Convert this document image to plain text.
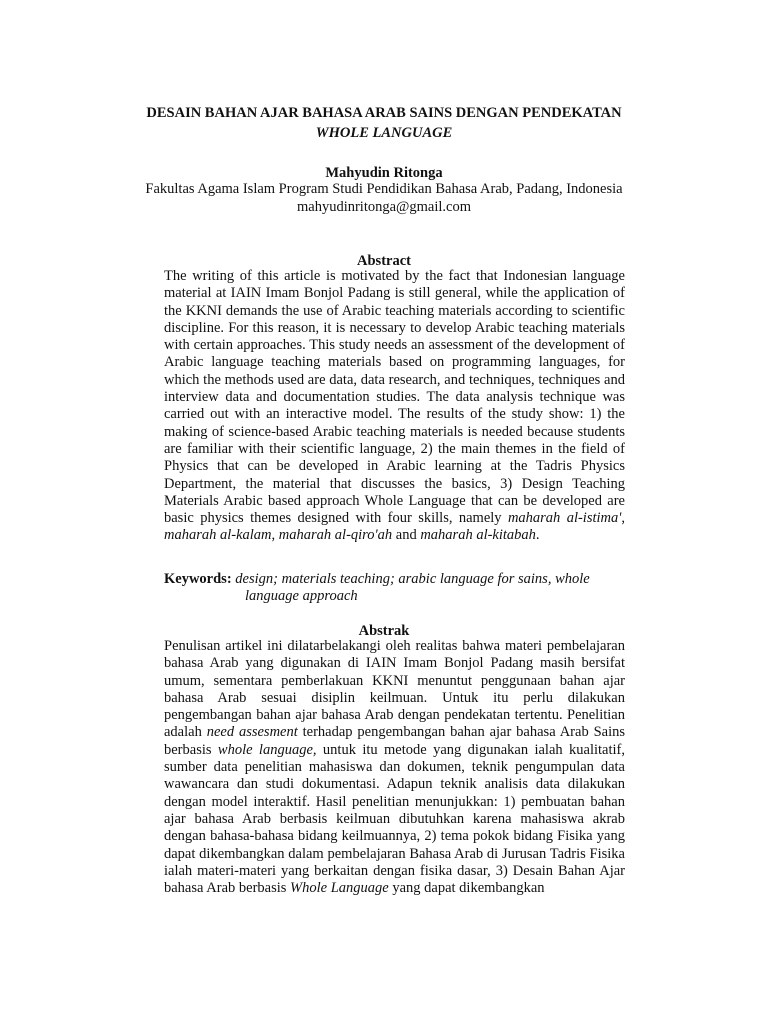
DESAIN BAHAN AJAR BAHASA ARAB SAINS DENGAN PENDEKATAN
WHOLE LANGUAGE
Mahyudin Ritonga
Fakultas Agama Islam Program Studi Pendidikan Bahasa Arab, Padang, Indonesia
mahyudinritonga@gmail.com
Abstract
The writing of this article is motivated by the fact that Indonesian language material at IAIN Imam Bonjol Padang is still general, while the application of the KKNI demands the use of Arabic teaching materials according to scientific discipline. For this reason, it is necessary to develop Arabic teaching materials with certain approaches. This study needs an assessment of the development of Arabic language teaching materials based on programming languages, for which the methods used are data, data research, and techniques, techniques and interview data and documentation studies. The data analysis technique was carried out with an interactive model. The results of the study show: 1) the making of science-based Arabic teaching materials is needed because students are familiar with their scientific language, 2) the main themes in the field of Physics that can be developed in Arabic learning at the Tadris Physics Department, the material that discusses the basics, 3) Design Teaching Materials Arabic based approach Whole Language that can be developed are basic physics themes designed with four skills, namely maharah al-istima', maharah al-kalam, maharah al-qiro'ah and maharah al-kitabah.
Keywords: design; materials teaching; arabic language for sains, whole
language approach
Abstrak
Penulisan artikel ini dilatarbelakangi oleh realitas bahwa materi pembelajaran bahasa Arab yang digunakan di IAIN Imam Bonjol Padang masih bersifat umum, sementara pemberlakuan KKNI menuntut penggunaan bahan ajar bahasa Arab sesuai disiplin keilmuan. Untuk itu perlu dilakukan pengembangan bahan ajar bahasa Arab dengan pendekatan tertentu. Penelitian adalah need assesment terhadap pengembangan bahan ajar bahasa Arab Sains berbasis whole language, untuk itu metode yang digunakan ialah kualitatif, sumber data penelitian mahasiswa dan dokumen, teknik pengumpulan data wawancara dan studi dokumentasi. Adapun teknik analisis data dilakukan dengan model interaktif. Hasil penelitian menunjukkan: 1) pembuatan bahan ajar bahasa Arab berbasis keilmuan dibutuhkan karena mahasiswa akrab dengan bahasa-bahasa bidang keilmuannya, 2) tema pokok bidang Fisika yang dapat dikembangkan dalam pembelajaran Bahasa Arab di Jurusan Tadris Fisika ialah materi-materi yang berkaitan dengan fisika dasar, 3) Desain Bahan Ajar bahasa Arab berbasis Whole Language yang dapat dikembangkan
